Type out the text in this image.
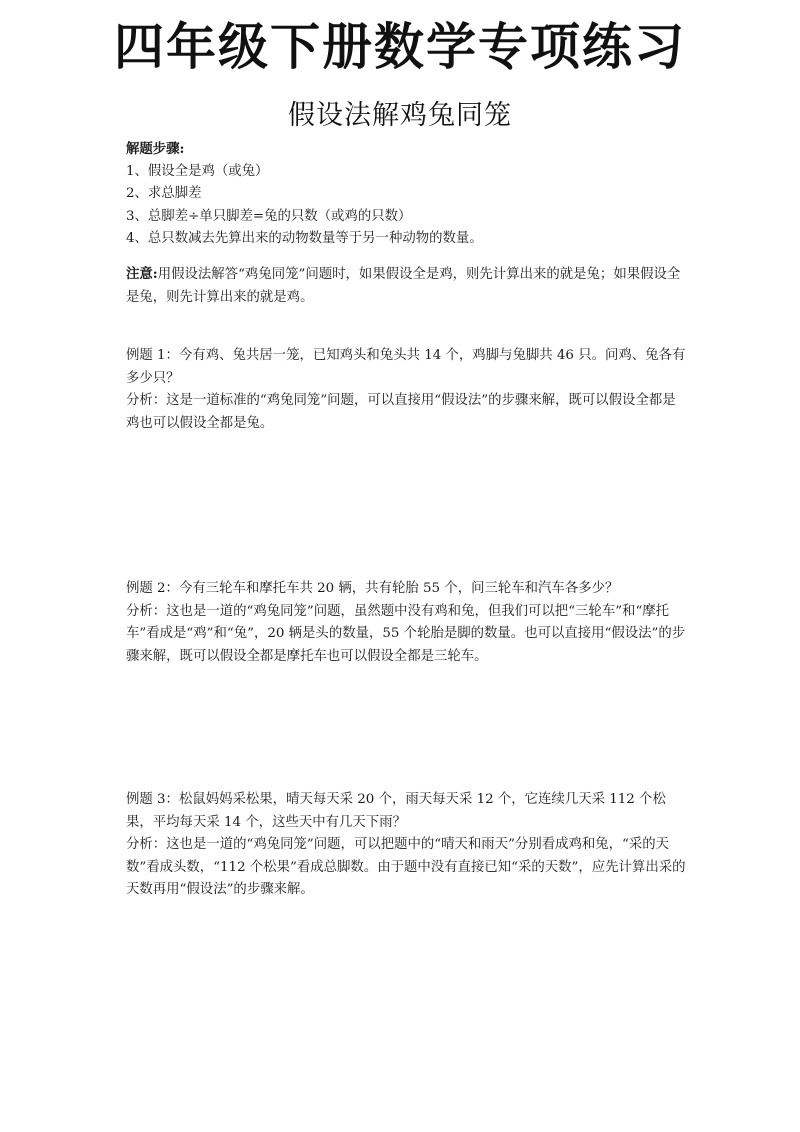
四年级下册数学专项练习
假设法解鸡兔同笼

解题步骤:

1、假设全是鸡（或兔）

2、求总脚差

3、总脚差÷单只脚差=兔的只数（或鸡的只数）

4、总只数减去先算出来的动物数量等于另一种动物的数量。

注意:用假设法解答“鸡兔同笼”问题时，如果假设全是鸡，则先计算出来的就是兔；如果假设全是兔，则先计算出来的就是鸡。

例题 1：今有鸡、兔共居一笼，已知鸡头和兔头共 14 个，鸡脚与兔脚共 46 只。问鸡、兔各有多少只？

分析：这是一道标准的“鸡兔同笼”问题，可以直接用“假设法”的步骤来解，既可以假设全都是鸡也可以假设全都是兔。

例题 2：今有三轮车和摩托车共 20 辆，共有轮胎 55 个，问三轮车和汽车各多少？

分析：这也是一道的“鸡兔同笼”问题，虽然题中没有鸡和兔，但我们可以把“三轮车”和“摩托车”看成是“鸡”和“兔”，20 辆是头的数量，55 个轮胎是脚的数量。也可以直接用“假设法”的步骤来解，既可以假设全都是摩托车也可以假设全都是三轮车。

例题 3：松鼠妈妈采松果，晴天每天采 20 个，雨天每天采 12 个，它连续几天采 112 个松果，平均每天采 14 个，这些天中有几天下雨？

分析：这也是一道的“鸡兔同笼”问题，可以把题中的“晴天和雨天”分别看成鸡和兔，“采的天数”看成头数，“112 个松果”看成总脚数。由于题中没有直接已知“采的天数”，应先计算出采的天数再用“假设法”的步骤来解。
